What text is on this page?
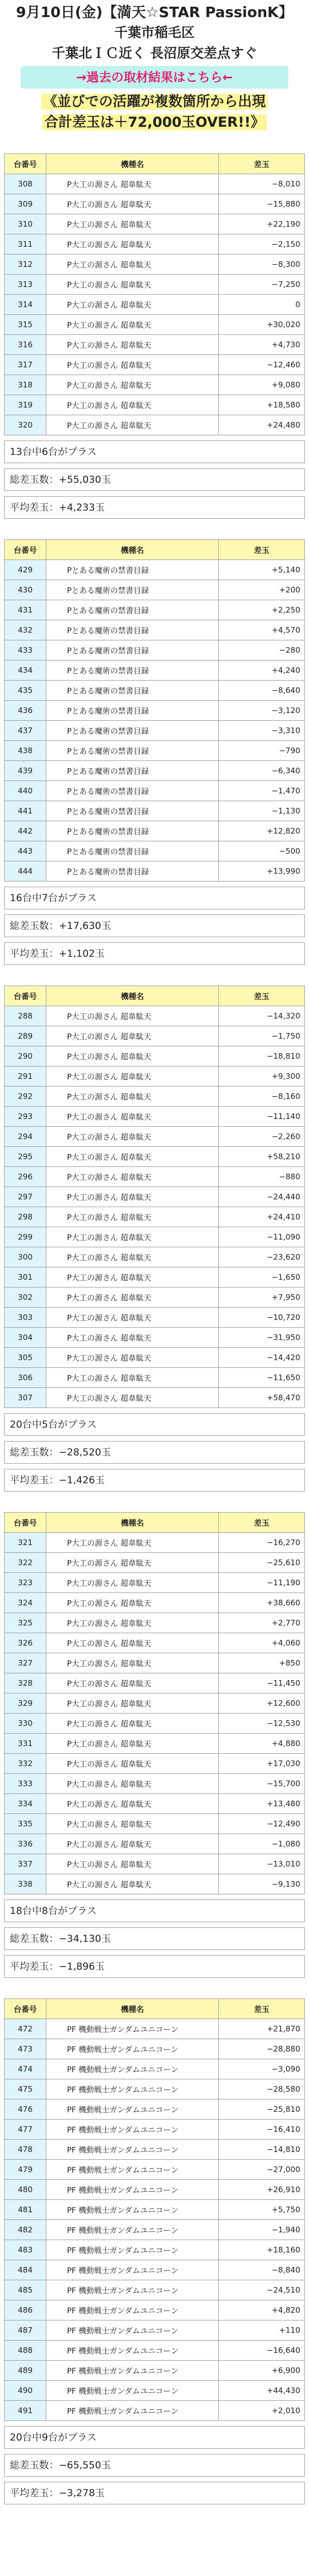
9月10日(金)【満天☆STAR PassionK】
千葉市稲毛区
千葉北ＩＣ近く 長沼原交差点すぐ
→過去の取材結果はこちら←
《並びでの活躍が複数箇所から出現
合計差玉は＋72,000玉OVER!!》
台番号	機種名	差玉
308	P大工の源さん 超韋駄天	−8,010
309	P大工の源さん 超韋駄天	−15,880
310	P大工の源さん 超韋駄天	+22,190
311	P大工の源さん 超韋駄天	−2,150
312	P大工の源さん 超韋駄天	−8,300
313	P大工の源さん 超韋駄天	−7,250
314	P大工の源さん 超韋駄天	0
315	P大工の源さん 超韋駄天	+30,020
316	P大工の源さん 超韋駄天	+4,730
317	P大工の源さん 超韋駄天	−12,460
318	P大工の源さん 超韋駄天	+9,080
319	P大工の源さん 超韋駄天	+18,580
320	P大工の源さん 超韋駄天	+24,480
13台中6台がプラス
総差玉数：+55,030玉
平均差玉：+4,233玉
台番号	機種名	差玉
429	Pとある魔術の禁書目録	+5,140
430	Pとある魔術の禁書目録	+200
431	Pとある魔術の禁書目録	+2,250
432	Pとある魔術の禁書目録	+4,570
433	Pとある魔術の禁書目録	−280
434	Pとある魔術の禁書目録	+4,240
435	Pとある魔術の禁書目録	−8,640
436	Pとある魔術の禁書目録	−3,120
437	Pとある魔術の禁書目録	−3,310
438	Pとある魔術の禁書目録	−790
439	Pとある魔術の禁書目録	−6,340
440	Pとある魔術の禁書目録	−1,470
441	Pとある魔術の禁書目録	−1,130
442	Pとある魔術の禁書目録	+12,820
443	Pとある魔術の禁書目録	−500
444	Pとある魔術の禁書目録	+13,990
16台中7台がプラス
総差玉数：+17,630玉
平均差玉：+1,102玉
台番号	機種名	差玉
288	P大工の源さん 超韋駄天	−14,320
289	P大工の源さん 超韋駄天	−1,750
290	P大工の源さん 超韋駄天	−18,810
291	P大工の源さん 超韋駄天	+9,300
292	P大工の源さん 超韋駄天	−8,160
293	P大工の源さん 超韋駄天	−11,140
294	P大工の源さん 超韋駄天	−2,260
295	P大工の源さん 超韋駄天	+58,210
296	P大工の源さん 超韋駄天	−880
297	P大工の源さん 超韋駄天	−24,440
298	P大工の源さん 超韋駄天	+24,410
299	P大工の源さん 超韋駄天	−11,090
300	P大工の源さん 超韋駄天	−23,620
301	P大工の源さん 超韋駄天	−1,650
302	P大工の源さん 超韋駄天	+7,950
303	P大工の源さん 超韋駄天	−10,720
304	P大工の源さん 超韋駄天	−31,950
305	P大工の源さん 超韋駄天	−14,420
306	P大工の源さん 超韋駄天	−11,650
307	P大工の源さん 超韋駄天	+58,470
20台中5台がプラス
総差玉数：−28,520玉
平均差玉：−1,426玉
台番号	機種名	差玉
321	P大工の源さん 超韋駄天	−16,270
322	P大工の源さん 超韋駄天	−25,610
323	P大工の源さん 超韋駄天	−11,190
324	P大工の源さん 超韋駄天	+38,660
325	P大工の源さん 超韋駄天	+2,770
326	P大工の源さん 超韋駄天	+4,060
327	P大工の源さん 超韋駄天	+850
328	P大工の源さん 超韋駄天	−11,450
329	P大工の源さん 超韋駄天	+12,600
330	P大工の源さん 超韋駄天	−12,530
331	P大工の源さん 超韋駄天	+4,880
332	P大工の源さん 超韋駄天	+17,030
333	P大工の源さん 超韋駄天	−15,700
334	P大工の源さん 超韋駄天	+13,480
335	P大工の源さん 超韋駄天	−12,490
336	P大工の源さん 超韋駄天	−1,080
337	P大工の源さん 超韋駄天	−13,010
338	P大工の源さん 超韋駄天	−9,130
18台中8台がプラス
総差玉数：−34,130玉
平均差玉：−1,896玉
台番号	機種名	差玉
472	PF 機動戦士ガンダムユニコーン	+21,870
473	PF 機動戦士ガンダムユニコーン	−28,880
474	PF 機動戦士ガンダムユニコーン	−3,090
475	PF 機動戦士ガンダムユニコーン	−28,580
476	PF 機動戦士ガンダムユニコーン	−25,810
477	PF 機動戦士ガンダムユニコーン	−16,410
478	PF 機動戦士ガンダムユニコーン	−14,810
479	PF 機動戦士ガンダムユニコーン	−27,000
480	PF 機動戦士ガンダムユニコーン	+26,910
481	PF 機動戦士ガンダムユニコーン	+5,750
482	PF 機動戦士ガンダムユニコーン	−1,940
483	PF 機動戦士ガンダムユニコーン	+18,160
484	PF 機動戦士ガンダムユニコーン	−8,840
485	PF 機動戦士ガンダムユニコーン	−24,510
486	PF 機動戦士ガンダムユニコーン	+4,820
487	PF 機動戦士ガンダムユニコーン	+110
488	PF 機動戦士ガンダムユニコーン	−16,640
489	PF 機動戦士ガンダムユニコーン	+6,900
490	PF 機動戦士ガンダムユニコーン	+44,430
491	PF 機動戦士ガンダムユニコーン	+2,010
20台中9台がプラス
総差玉数：−65,550玉
平均差玉：−3,278玉
